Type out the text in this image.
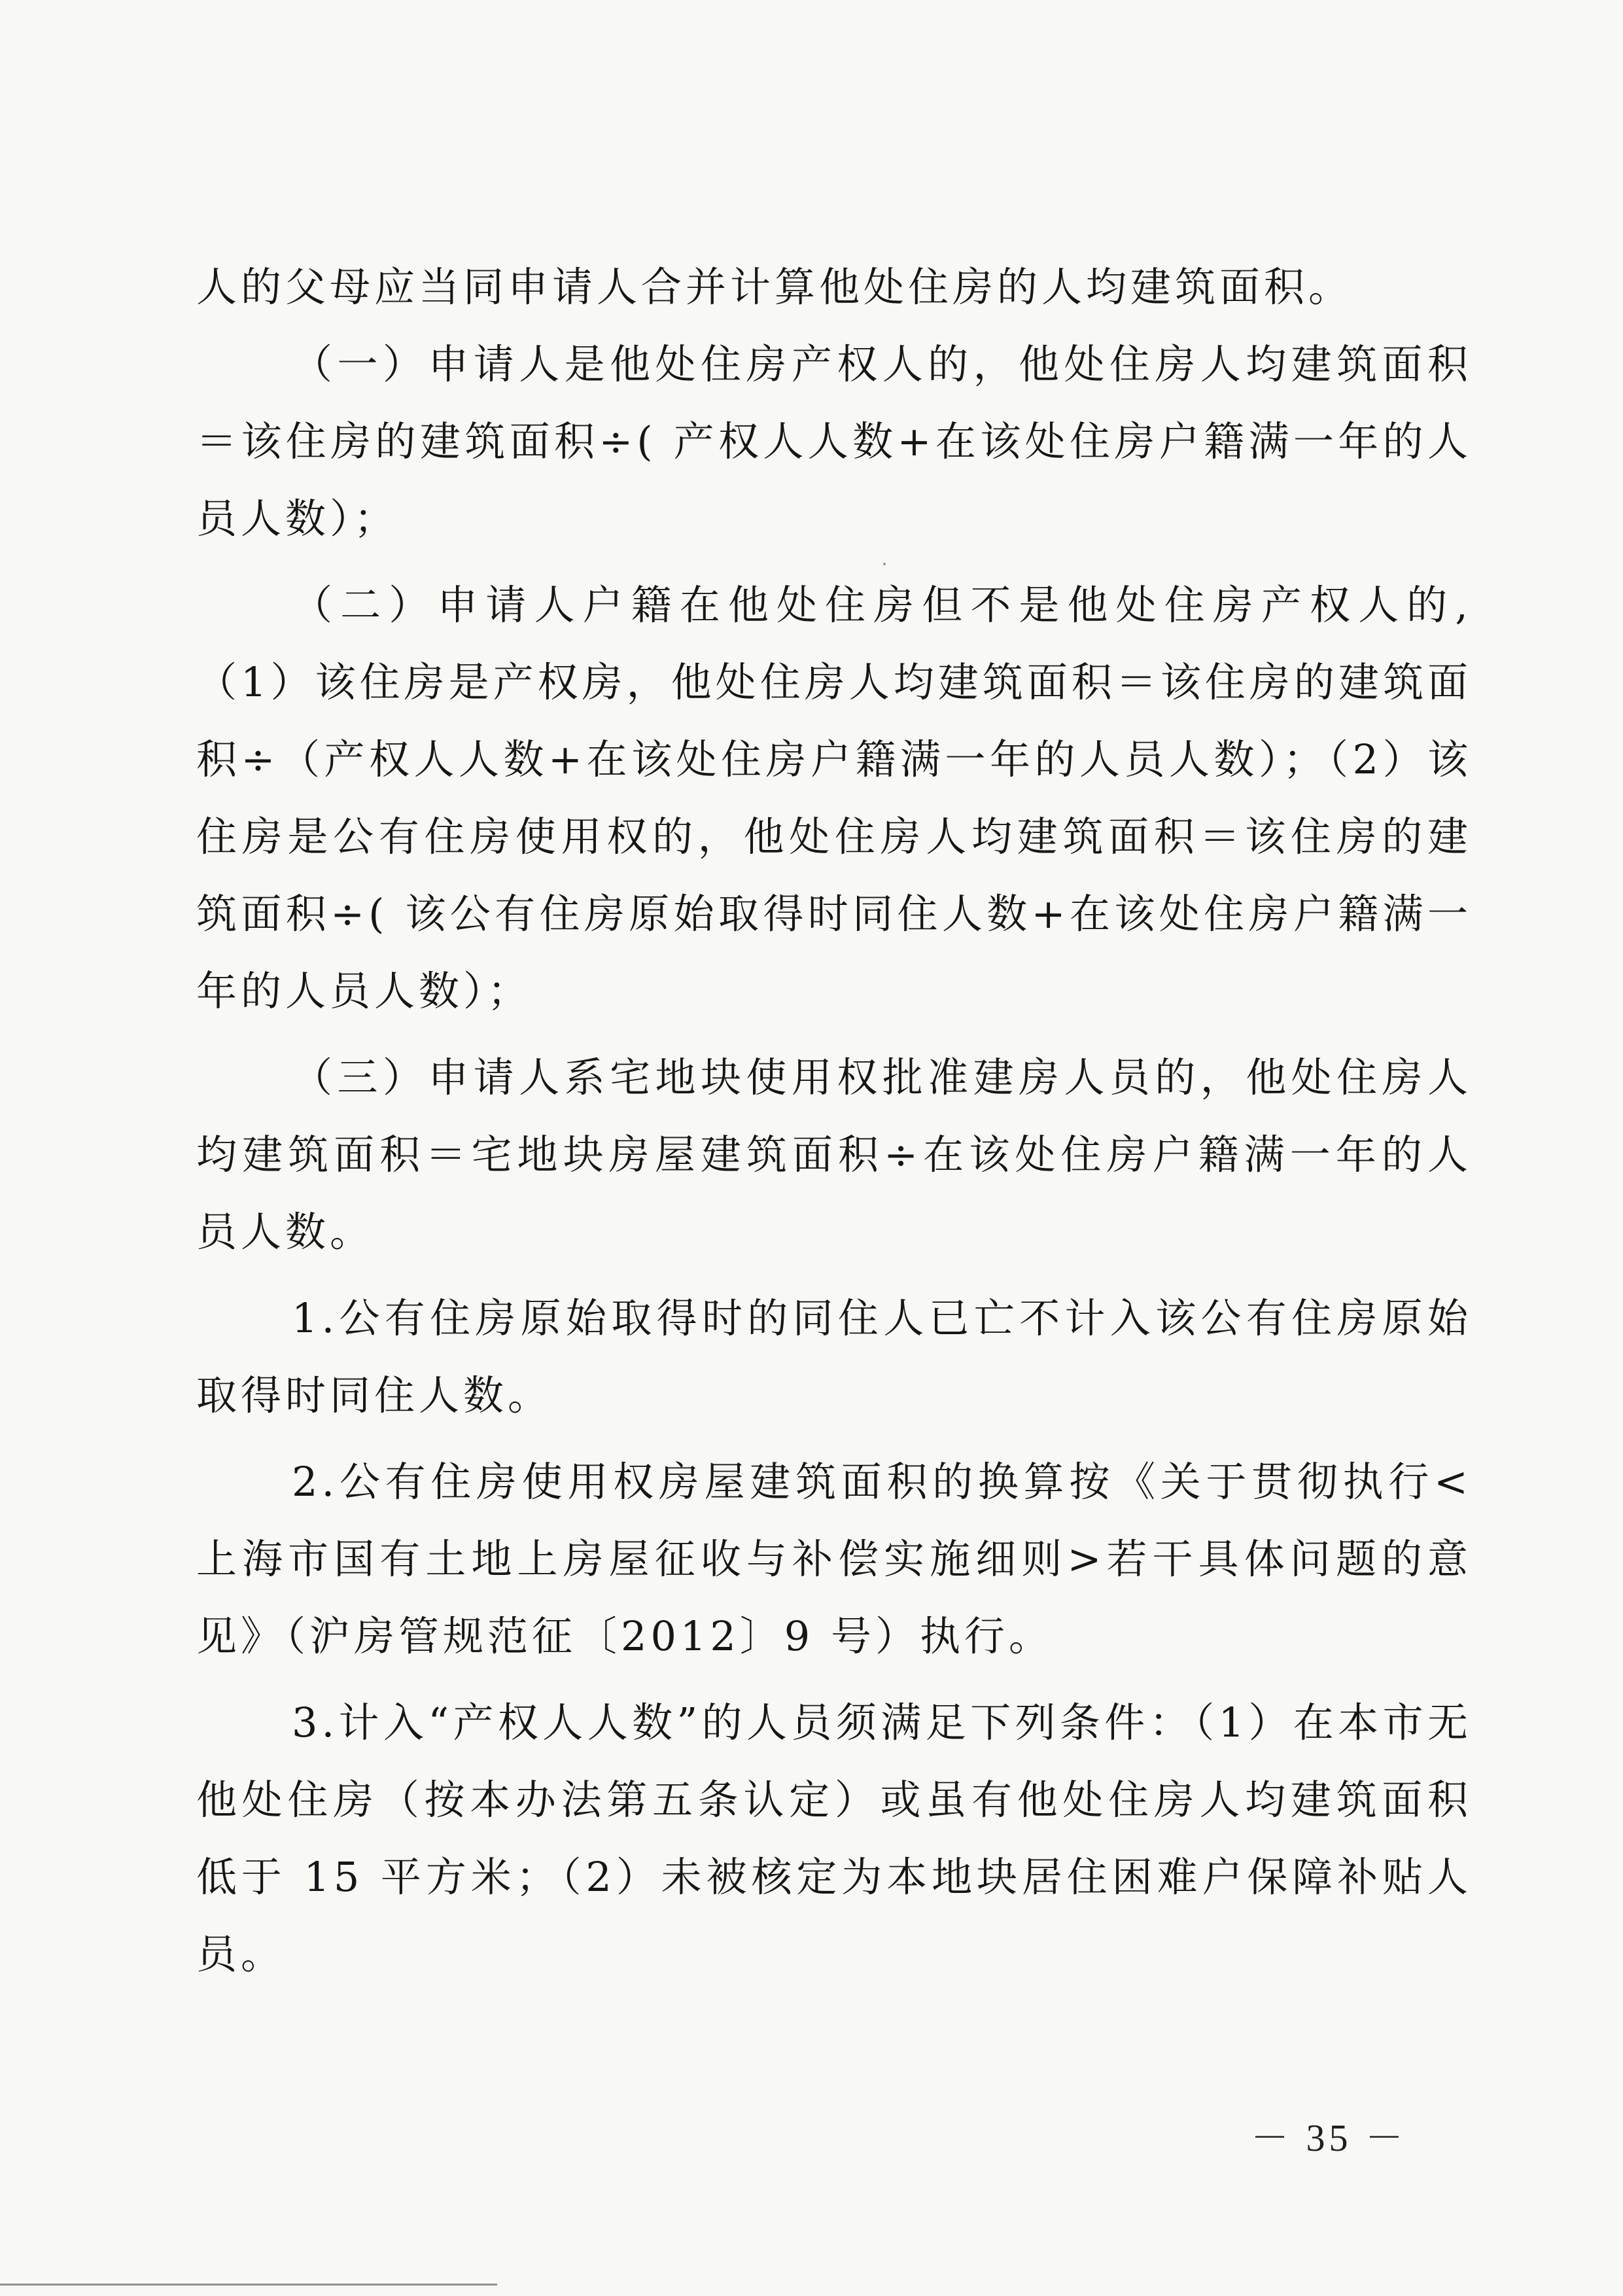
人的父母应当同申请人合并计算他处住房的人均建筑面积。

（一）申请人是他处住房产权人的，他处住房人均建筑面积＝该住房的建筑面积÷( 产权人人数+在该处住房户籍满一年的人员人数）；

（二）申请人户籍在他处住房但不是他处住房产权人的,（1）该住房是产权房，他处住房人均建筑面积＝该住房的建筑面积÷（产权人人数+在该处住房户籍满一年的人员人数）；（2）该住房是公有住房使用权的，他处住房人均建筑面积＝该住房的建筑面积÷( 该公有住房原始取得时同住人数+在该处住房户籍满一年的人员人数）；

（三）申请人系宅地块使用权批准建房人员的，他处住房人均建筑面积＝宅地块房屋建筑面积÷在该处住房户籍满一年的人员人数。

1.公有住房原始取得时的同住人已亡不计入该公有住房原始取得时同住人数。

2.公有住房使用权房屋建筑面积的换算按《关于贯彻执行<上海市国有土地上房屋征收与补偿实施细则>若干具体问题的意见》（沪房管规范征〔2012〕9 号）执行。

3.计入“产权人人数”的人员须满足下列条件：（1）在本市无他处住房（按本办法第五条认定）或虽有他处住房人均建筑面积低于 15 平方米；（2）未被核定为本地块居住困难户保障补贴人员。

－ 35 －
